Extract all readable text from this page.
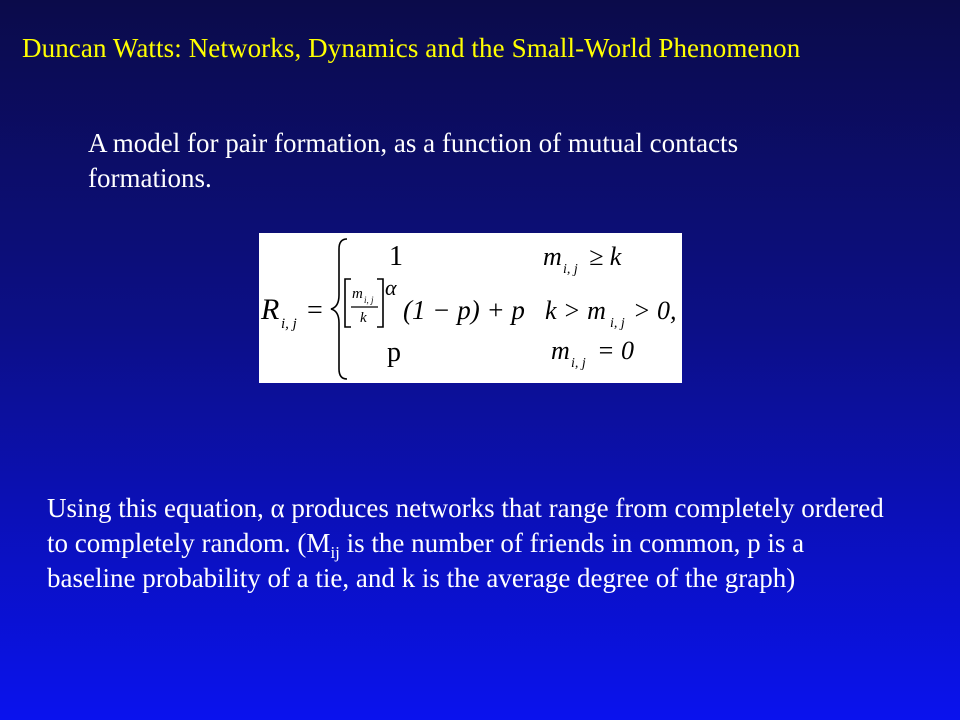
Duncan Watts: Networks, Dynamics and the Small-World Phenomenon
A model for pair formation, as a function of mutual contacts
formations.
R i, j =
1	m i, j ≥ k
m i, j
k
α
(1 − p) + p k > m i, j > 0,
p	m i, j = 0
Using this equation, α produces networks that range from completely ordered to completely random. ($M_{ij}$ is the number of friends in common, p is a baseline probability of a tie, and k is the average degree of the graph)
